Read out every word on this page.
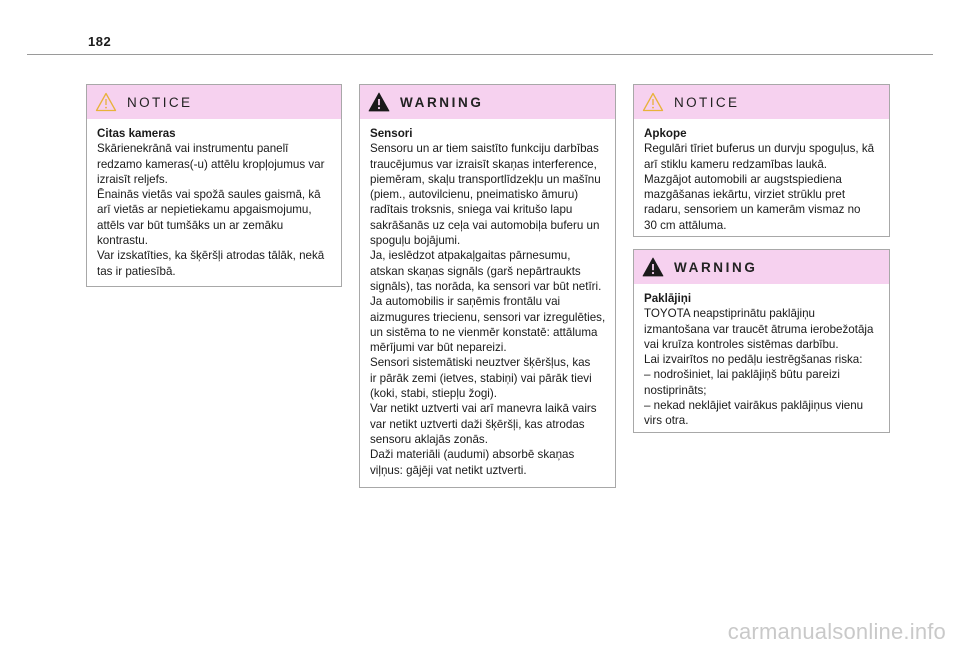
182
NOTICE
Citas kameras
Skārienekrānā vai instrumentu panelī
redzamo kameras(-u) attēlu kropļojumus var
izraisīt reljefs.
Ēnainās vietās vai spožā saules gaismā, kā
arī vietās ar nepietiekamu apgaismojumu,
attēls var būt tumšāks un ar zemāku
kontrastu.
Var izskatīties, ka šķēršļi atrodas tālāk, nekā
tas ir patiesībā.
WARNING
Sensori
Sensoru un ar tiem saistīto funkciju darbības
traucējumus var izraisīt skaņas interference,
piemēram, skaļu transportlīdzekļu un mašīnu
(piem., autovilcienu, pneimatisko āmuru)
radītais troksnis, sniega vai kritušo lapu
sakrāšanās uz ceļa vai automobiļa buferu un
spoguļu bojājumi.
Ja, ieslēdzot atpakaļgaitas pārnesumu,
atskan skaņas signāls (garš nepārtraukts
signāls), tas norāda, ka sensori var būt netīri.
Ja automobilis ir saņēmis frontālu vai
aizmugures triecienu, sensori var izregulēties,
un sistēma to ne vienmēr konstatē: attāluma
mērījumi var būt nepareizi.
Sensori sistemātiski neuztver šķēršļus, kas
ir pārāk zemi (ietves, stabiņi) vai pārāk tievi
(koki, stabi, stiepļu žogi).
Var netikt uztverti vai arī manevra laikā vairs
var netikt uztverti daži šķēršļi, kas atrodas
sensoru aklajās zonās.
Daži materiāli (audumi) absorbē skaņas
viļņus: gājēji vat netikt uztverti.
NOTICE
Apkope
Regulāri tīriet buferus un durvju spoguļus, kā
arī stiklu kameru redzamības laukā.
Mazgājot automobili ar augstspiediena
mazgāšanas iekārtu, virziet strūklu pret
radaru, sensoriem un kamerām vismaz no
30 cm attāluma.
WARNING
Paklājiņi
TOYOTA neapstiprinātu paklājiņu
izmantošana var traucēt ātruma ierobežotāja
vai kruīza kontroles sistēmas darbību.
Lai izvairītos no pedāļu iestrēgšanas riska:
– nodrošiniet, lai paklājiņš būtu pareizi
nostiprināts;
– nekad neklājiet vairākus paklājiņus vienu
virs otra.
carmanualsonline.info
